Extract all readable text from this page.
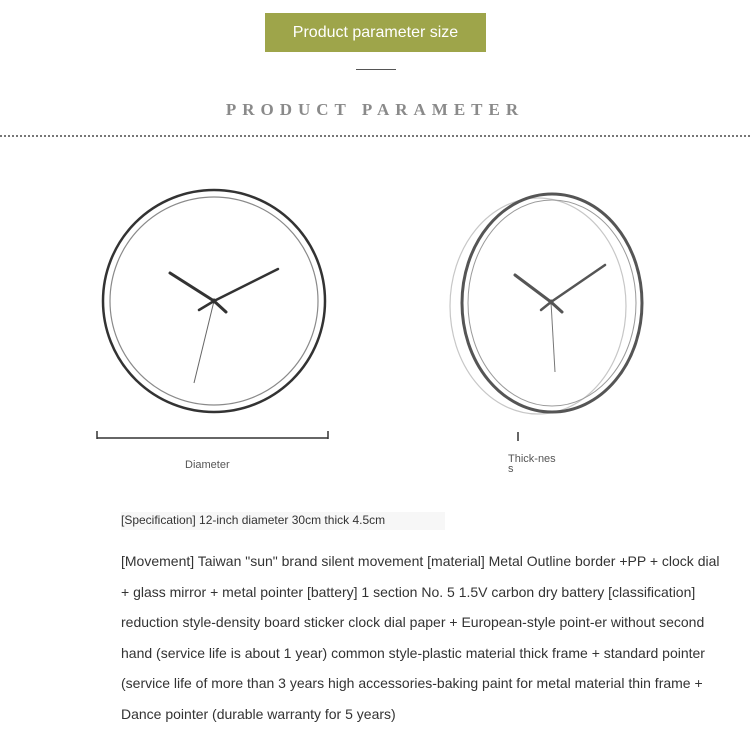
Product parameter size
PRODUCT PARAMETER
Diameter	Thick-ness
[Specification] 12-inch diameter 30cm thick 4.5cm

[Movement] Taiwan "sun" brand silent movement [material] Metal Outline border +PP + clock dial + glass mirror + metal pointer [battery] 1 section No. 5 1.5V carbon dry battery [classification] reduction style-density board sticker clock dial paper + European-style point-er without second hand (service life is about 1 year) common style-plastic material thick frame + standard pointer (service life of more than 3 years high accessories-baking paint for metal material thin frame + Dance pointer (durable warranty for 5 years)
